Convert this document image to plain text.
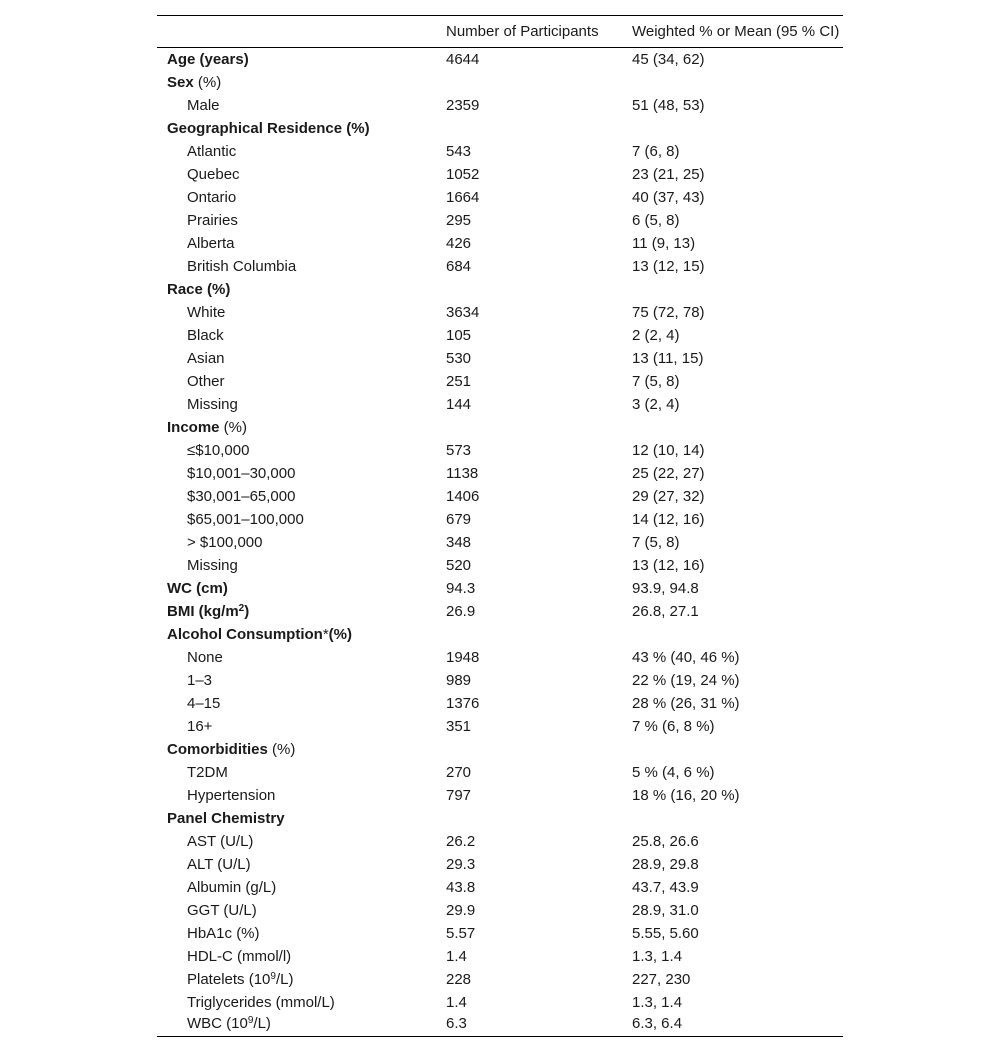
	Number of Participants	Weighted % or Mean (95 % CI)
Age (years)	4644	45 (34, 62)
Sex (%)		
Male	2359	51 (48, 53)
Geographical Residence (%)		
Atlantic	543	7 (6, 8)
Quebec	1052	23 (21, 25)
Ontario	1664	40 (37, 43)
Prairies	295	6 (5, 8)
Alberta	426	11 (9, 13)
British Columbia	684	13 (12, 15)
Race (%)		
White	3634	75 (72, 78)
Black	105	2 (2, 4)
Asian	530	13 (11, 15)
Other	251	7 (5, 8)
Missing	144	3 (2, 4)
Income (%)		
≤$10,000	573	12 (10, 14)
$10,001–30,000	1138	25 (22, 27)
$30,001–65,000	1406	29 (27, 32)
$65,001–100,000	679	14 (12, 16)
> $100,000	348	7 (5, 8)
Missing	520	13 (12, 16)
WC (cm)	94.3	93.9, 94.8
BMI $(kg/m^2)$	26.9	26.8, 27.1
Alcohol Consumption*(%)		
None	1948	43 % (40, 46 %)
1–3	989	22 % (19, 24 %)
4–15	1376	28 % (26, 31 %)
16+	351	7 % (6, 8 %)
Comorbidities (%)		
T2DM	270	5 % (4, 6 %)
Hypertension	797	18 % (16, 20 %)
Panel Chemistry		
AST (U/L)	26.2	25.8, 26.6
ALT (U/L)	29.3	28.9, 29.8
Albumin (g/L)	43.8	43.7, 43.9
GGT (U/L)	29.9	28.9, 31.0
HbA1c (%)	5.57	5.55, 5.60
HDL-C (mmol/l)	1.4	1.3, 1.4
Platelets $(10^9/L)$	228	227, 230
Triglycerides (mmol/L)	1.4	1.3, 1.4
WBC $(10^9/L)$	6.3	6.3, 6.4
